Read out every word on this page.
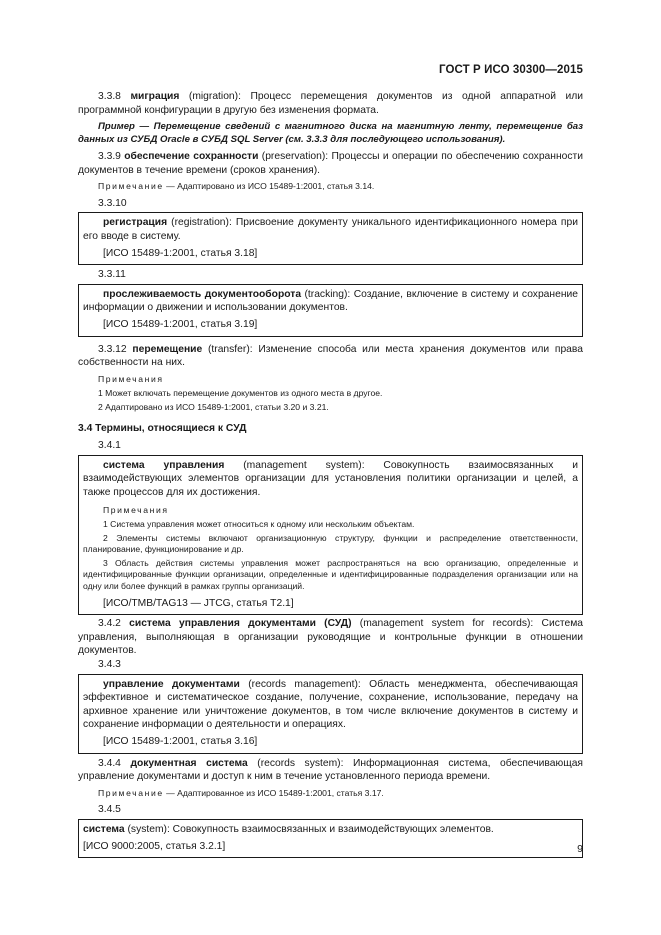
ГОСТ Р ИСО 30300—2015

3.3.8 миграция (migration): Процесс перемещения документов из одной аппаратной или программной конфигурации в другую без изменения формата.

Пример — Перемещение сведений с магнитного диска на магнитную ленту, перемещение баз данных из СУБД Oracle в СУБД SQL Server (см. 3.3.3 для последующего использования).

3.3.9 обеспечение сохранности (preservation): Процессы и операции по обеспечению сохранности документов в течение времени (сроков хранения).

Примечание — Адаптировано из ИСО 15489-1:2001, статья 3.14.

3.3.10

регистрация (registration): Присвоение документу уникального идентификационного номера при его вводе в систему.

[ИСО 15489-1:2001, статья 3.18]

3.3.11

прослеживаемость документооборота (tracking): Создание, включение в систему и сохранение информации о движении и использовании документов.

[ИСО 15489-1:2001, статья 3.19]

3.3.12 перемещение (transfer): Изменение способа или места хранения документов или права собственности на них.

Примечания

1 Может включать перемещение документов из одного места в другое.

2 Адаптировано из ИСО 15489-1:2001, статьи 3.20 и 3.21.

3.4 Термины, относящиеся к СУД

3.4.1

система управления (management system): Совокупность взаимосвязанных и взаимодействующих элементов организации для установления политики организации и целей, а также процессов для их достижения.

Примечания

1 Система управления может относиться к одному или нескольким объектам.

2 Элементы системы включают организационную структуру, функции и распределение ответственности, планирование, функционирование и др.

3 Область действия системы управления может распространяться на всю организацию, определенные и идентифицированные функции организации, определенные и идентифицированные подразделения организации или на одну или более функций в рамках группы организаций.

[ИСО/TMB/TAG13 — JTCG, статья T2.1]

3.4.2 система управления документами (СУД) (management system for records): Система управления, выполняющая в организации руководящие и контрольные функции в отношении документов.

3.4.3

управление документами (records management): Область менеджмента, обеспечивающая эффективное и систематическое создание, получение, сохранение, использование, передачу на архивное хранение или уничтожение документов, в том числе включение документов в систему и сохранение информации о деятельности и операциях.

[ИСО 15489-1:2001, статья 3.16]

3.4.4 документная система (records system): Информационная система, обеспечивающая управление документами и доступ к ним в течение установленного периода времени.

Примечание — Адаптированное из ИСО 15489-1:2001, статья 3.17.

3.4.5

система (system): Совокупность взаимосвязанных и взаимодействующих элементов.

[ИСО 9000:2005, статья 3.2.1]	9
